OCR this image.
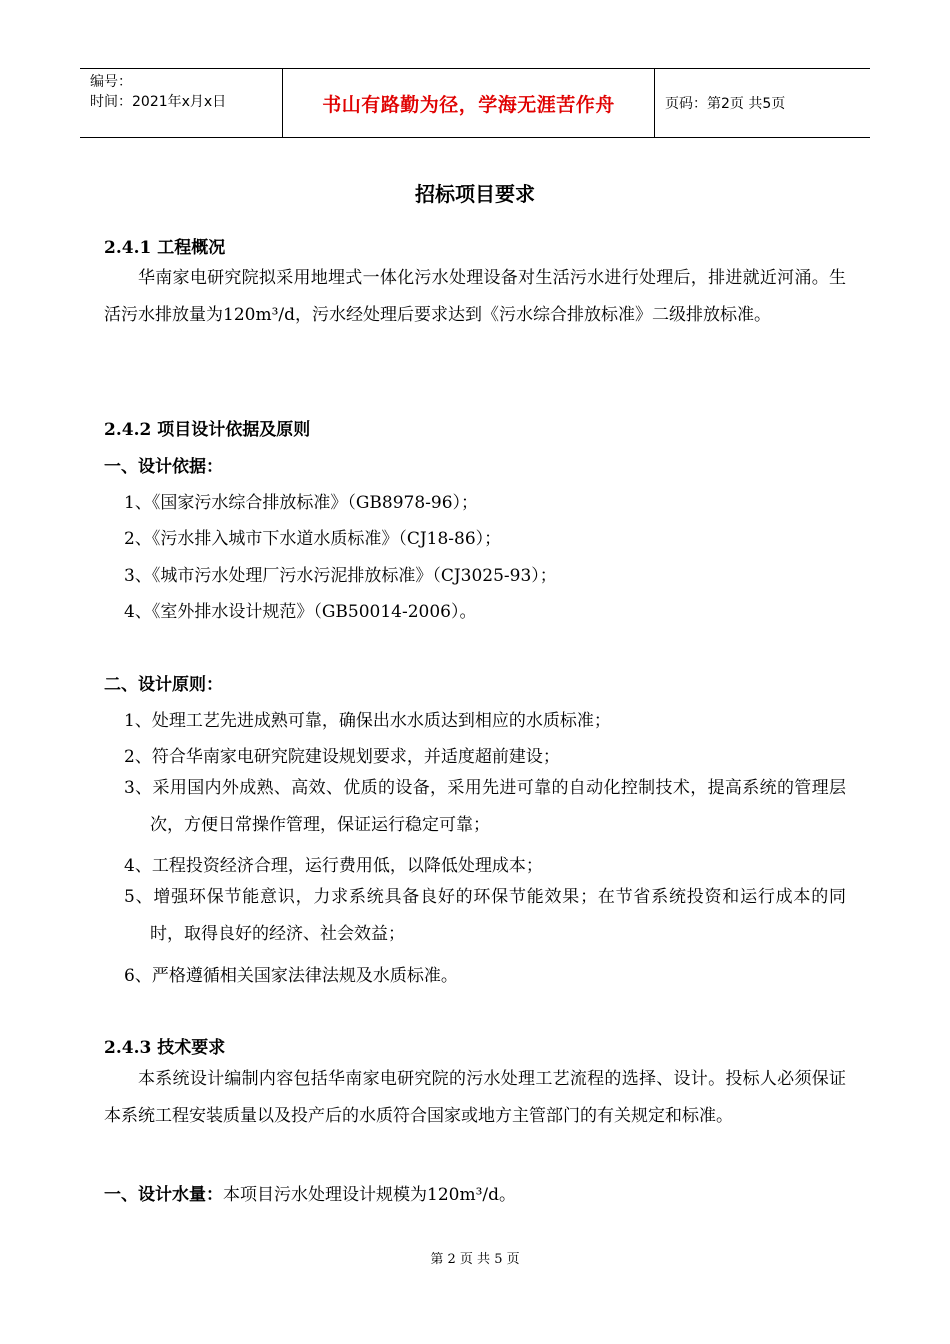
编号：
时间：2021年x月x日	书山有路勤为径，学海无涯苦作舟	页码：第2页 共5页
招标项目要求
2.4.1 工程概况
华南家电研究院拟采用地埋式一体化污水处理设备对生活污水进行处理后，排进就近河涌。生活污水排放量为120m³/d，污水经处理后要求达到《污水综合排放标准》二级排放标准。
2.4.2 项目设计依据及原则
一、设计依据：
1、《国家污水综合排放标准》（GB8978-96）；
2、《污水排入城市下水道水质标准》（CJ18-86）；
3、《城市污水处理厂污水污泥排放标准》（CJ3025-93）；
4、《室外排水设计规范》（GB50014-2006）。
二、设计原则：
1、处理工艺先进成熟可靠，确保出水水质达到相应的水质标准；
2、符合华南家电研究院建设规划要求，并适度超前建设；
3、采用国内外成熟、高效、优质的设备，采用先进可靠的自动化控制技术，提高系统的管理层次，方便日常操作管理，保证运行稳定可靠；
4、工程投资经济合理，运行费用低，以降低处理成本；
5、增强环保节能意识，力求系统具备良好的环保节能效果；在节省系统投资和运行成本的同时，取得良好的经济、社会效益；
6、严格遵循相关国家法律法规及水质标准。
2.4.3 技术要求
本系统设计编制内容包括华南家电研究院的污水处理工艺流程的选择、设计。投标人必须保证本系统工程安装质量以及投产后的水质符合国家或地方主管部门的有关规定和标准。
一、设计水量：本项目污水处理设计规模为120m³/d。
第 2 页 共 5 页
